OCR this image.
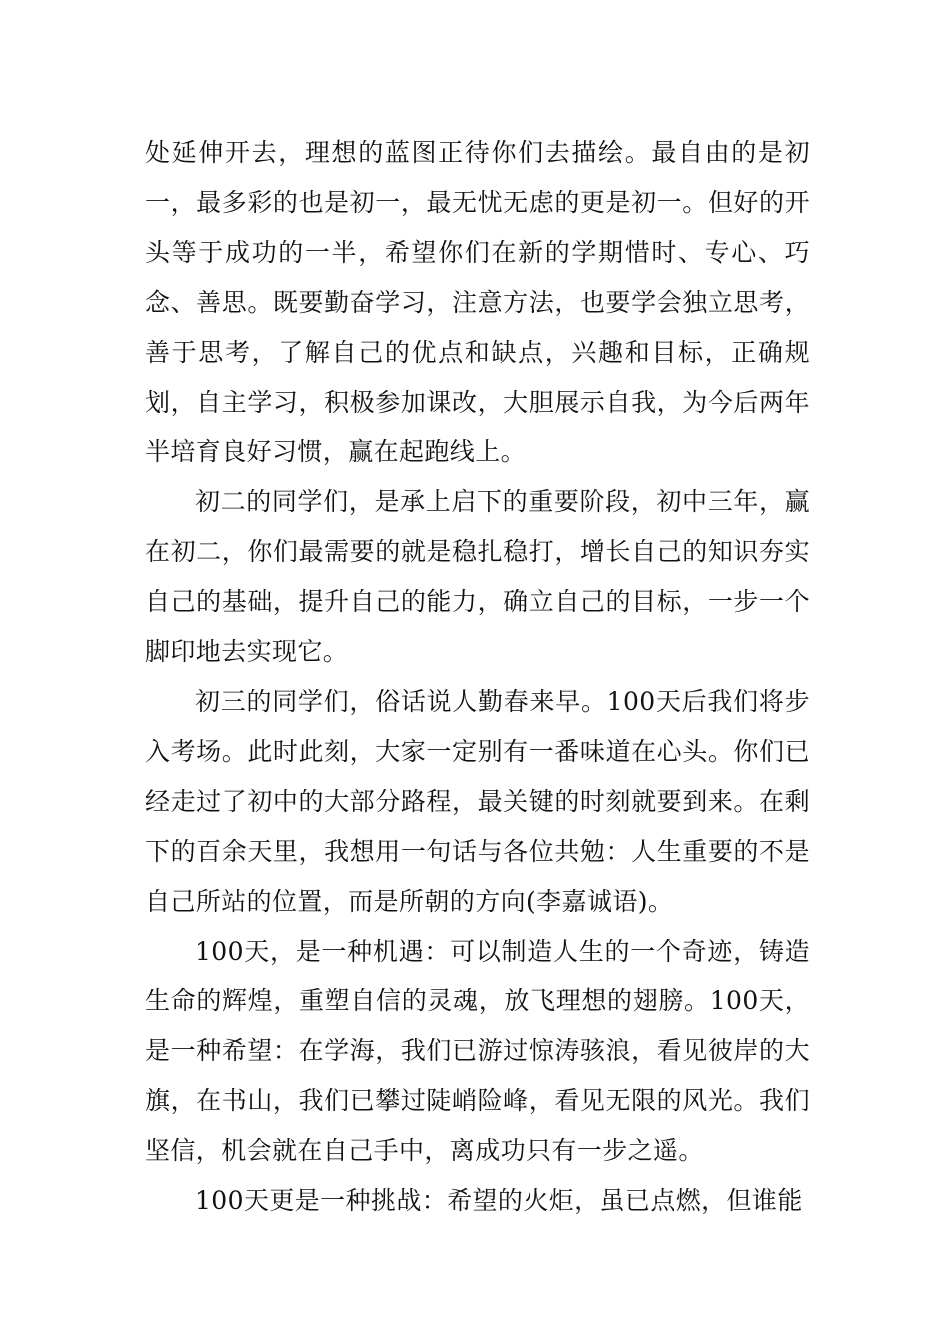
处延伸开去，理想的蓝图正待你们去描绘。最自由的是初一，最多彩的也是初一，最无忧无虑的更是初一。但好的开头等于成功的一半，希望你们在新的学期惜时、专心、巧念、善思。既要勤奋学习，注意方法，也要学会独立思考，善于思考，了解自己的优点和缺点，兴趣和目标，正确规划，自主学习，积极参加课改，大胆展示自我，为今后两年半培育良好习惯，赢在起跑线上。

初二的同学们，是承上启下的重要阶段，初中三年，赢在初二，你们最需要的就是稳扎稳打，增长自己的知识夯实自己的基础，提升自己的能力，确立自己的目标，一步一个脚印地去实现它。

初三的同学们，俗话说人勤春来早。100天后我们将步入考场。此时此刻，大家一定别有一番味道在心头。你们已经走过了初中的大部分路程，最关键的时刻就要到来。在剩下的百余天里，我想用一句话与各位共勉：人生重要的不是自己所站的位置，而是所朝的方向(李嘉诚语)。

100天，是一种机遇：可以制造人生的一个奇迹，铸造生命的辉煌，重塑自信的灵魂，放飞理想的翅膀。100天，是一种希望：在学海，我们已游过惊涛骇浪，看见彼岸的大旗，在书山，我们已攀过陡峭险峰，看见无限的风光。我们坚信，机会就在自己手中，离成功只有一步之遥。

100天更是一种挑战：希望的火炬，虽已点燃，但谁能
